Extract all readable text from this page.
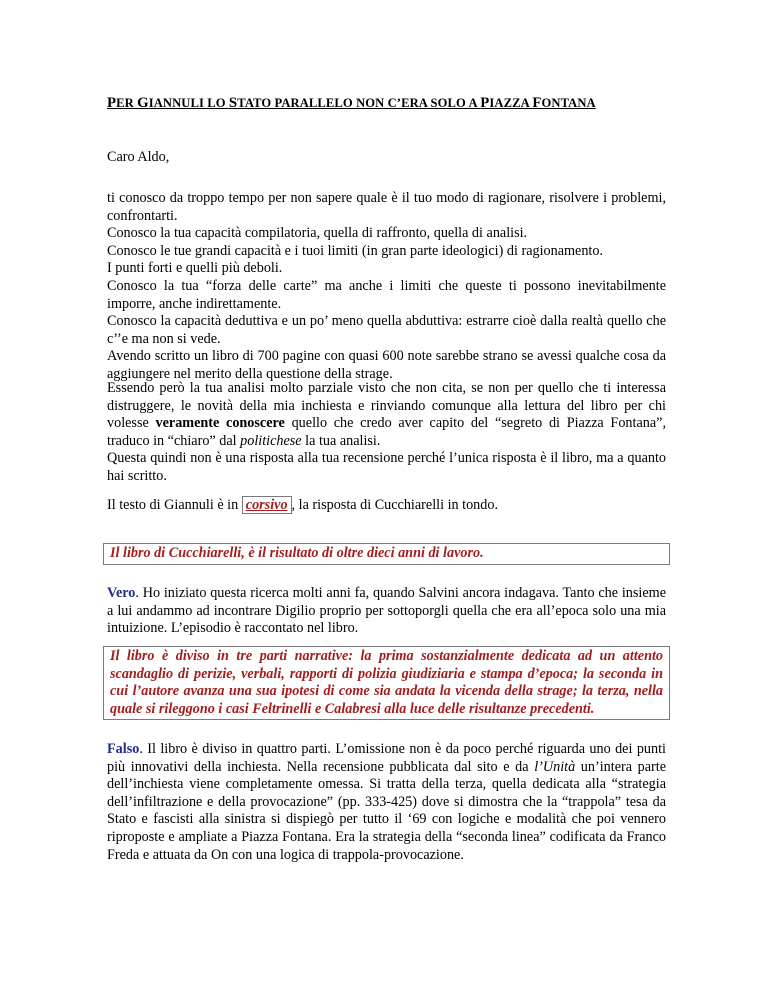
PER GIANNULI LO STATO PARALLELO NON C’ERA SOLO A PIAZZA FONTANA

Caro Aldo,

ti conosco da troppo tempo per non sapere quale è il tuo modo di ragionare, risolvere i problemi, confrontarti.

Conosco la tua capacità compilatoria, quella di raffronto, quella di analisi.

Conosco le tue grandi capacità e i tuoi limiti (in gran parte ideologici) di ragionamento.

I punti forti e quelli più deboli.

Conosco la tua “forza delle carte” ma anche i limiti che queste ti possono inevitabilmente imporre, anche indirettamente.

Conosco la capacità deduttiva e un po’ meno quella abduttiva: estrarre cioè dalla realtà quello che c’’e ma non si vede.

Avendo scritto un libro di 700 pagine con quasi 600 note sarebbe strano se avessi qualche cosa da aggiungere nel merito della questione della strage.

Essendo però la tua analisi molto parziale visto che non cita, se non per quello che ti interessa distruggere, le novità della mia inchiesta e rinviando comunque alla lettura del libro per chi volesse veramente conoscere quello che credo aver capito del “segreto di Piazza Fontana”, traduco in “chiaro” dal politichese la tua analisi.

Questa quindi non è una risposta alla tua recensione perché l’unica risposta è il libro, ma a quanto hai scritto.

Il testo di Giannuli è in corsivo , la risposta di Cucchiarelli in tondo.

Il libro di Cucchiarelli, è il risultato di oltre dieci anni di lavoro.

Vero. Ho iniziato questa ricerca molti anni fa, quando Salvini ancora indagava. Tanto che insieme a lui andammo ad incontrare Digilio proprio per sottoporgli quella che era all’epoca solo una mia intuizione. L’episodio è raccontato nel libro.

Il libro è diviso in tre parti narrative: la prima sostanzialmente dedicata ad un attento scandaglio di perizie, verbali, rapporti di polizia giudiziaria e stampa d’epoca; la seconda in cui l’autore avanza una sua ipotesi di come sia andata la vicenda della strage; la terza, nella quale si rileggono i casi Feltrinelli e Calabresi alla luce delle risultanze precedenti.

Falso. Il libro è diviso in quattro parti. L’omissione non è da poco perché riguarda uno dei punti più innovativi della inchiesta. Nella recensione pubblicata dal sito e da l’Unità un’intera parte dell’inchiesta viene completamente omessa. Si tratta della terza, quella dedicata alla “strategia dell’infiltrazione e della provocazione” (pp. 333-425) dove si dimostra che la “trappola” tesa da Stato e fascisti alla sinistra si dispiegò per tutto il ‘69 con logiche e modalità che poi vennero riproposte e ampliate a Piazza Fontana. Era la strategia della “seconda linea” codificata da Franco Freda e attuata da On con una logica di trappola-provocazione.
